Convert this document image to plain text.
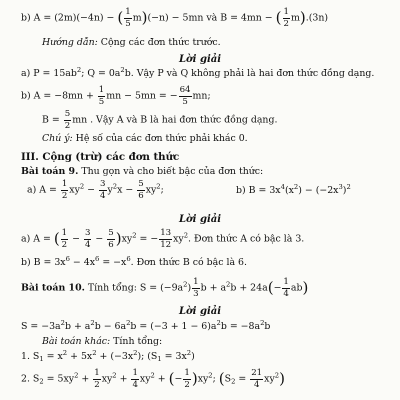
b) A = (2m)(−4n) − ( $\frac{1}{5} m)(-n) - 5mn$ và B = 4mn − ( $\frac{1}{2} m).(3n)$
Hướng dẫn: Cộng các đơn thức trước.
Lời giải
a) $P = 15ab^2$; $Q = 0a^2b$. Vậy P và Q không phải là hai đơn thức đồng dạng.
b) $A = -8mn + \frac{1}{5}$ mn − 5mn = − $\frac{64}{5}$ mn;
$B = \frac{5}{2}$ mn . Vậy A và B là hai đơn thức đồng dạng.
Chú ý: Hệ số của các đơn thức phải khác 0.
III. Cộng (trừ) các đơn thức
Bài toán 9. Thu gọn và cho biết bậc của đơn thức:
a) $A = \frac{1}{2} xy^2 - \frac{3}{4} y^2x - \frac{5}{6} xy^2$;	b) $B = 3x^4(x^2) - (-2x^3)^2$
Lời giải
a) A = ( $\frac{1}{2} - \frac{3}{4} - \frac{5}{6} )xy^2$ = − $\frac{13}{12} xy^2$. Đơn thức A có bậc là 3.
b) $B = 3x^6 - 4x^6 = -x^6$. Đơn thức B có bậc là 6.
Bài toán 10. Tính tổng: $S = (-9a^2) \frac{1}{3}$ $b + a^2b + 24a(- \frac{1}{4} ab)$
Lời giải
$S = -3a^2b + a^2b - 6a^2b = (-3 + 1 - 6)a^2b = -8a^2b$
Bài toán khác: Tính tổng:
1. $S_1 = x^2 + 5x^2 + (-3x^2)$; $(S_1 = 3x^2)$
2. $S_2 = 5xy^2 + \frac{1}{2} xy^2 + \frac{1}{4} xy^2$ + (− $\frac{1}{2} )xy^2$; $(S_2 = \frac{21}{4} xy^2)$
